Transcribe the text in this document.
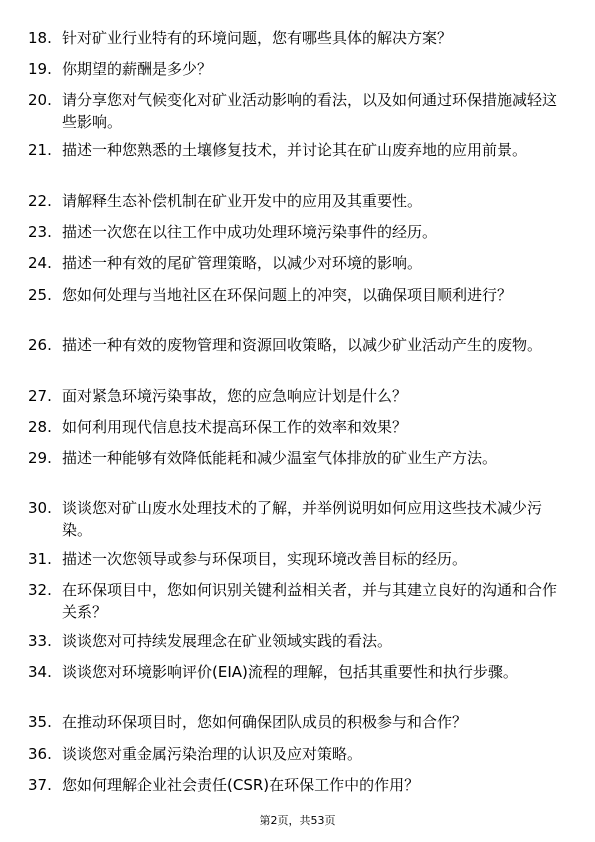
18. 针对矿业行业特有的环境问题，您有哪些具体的解决方案？
19. 你期望的薪酬是多少？
20. 请分享您对气候变化对矿业活动影响的看法，以及如何通过环保措施减轻这些影响。
21. 描述一种您熟悉的土壤修复技术，并讨论其在矿山废弃地的应用前景。
22. 请解释生态补偿机制在矿业开发中的应用及其重要性。
23. 描述一次您在以往工作中成功处理环境污染事件的经历。
24. 描述一种有效的尾矿管理策略，以减少对环境的影响。
25. 您如何处理与当地社区在环保问题上的冲突，以确保项目顺利进行？
26. 描述一种有效的废物管理和资源回收策略，以减少矿业活动产生的废物。
27. 面对紧急环境污染事故，您的应急响应计划是什么？
28. 如何利用现代信息技术提高环保工作的效率和效果？
29. 描述一种能够有效降低能耗和减少温室气体排放的矿业生产方法。
30. 谈谈您对矿山废水处理技术的了解，并举例说明如何应用这些技术减少污染。
31. 描述一次您领导或参与环保项目，实现环境改善目标的经历。
32. 在环保项目中，您如何识别关键利益相关者，并与其建立良好的沟通和合作关系？
33. 谈谈您对可持续发展理念在矿业领域实践的看法。
34. 谈谈您对环境影响评价(EIA)流程的理解，包括其重要性和执行步骤。
35. 在推动环保项目时，您如何确保团队成员的积极参与和合作？
36. 谈谈您对重金属污染治理的认识及应对策略。
37. 您如何理解企业社会责任(CSR)在环保工作中的作用？
第2页，共53页
